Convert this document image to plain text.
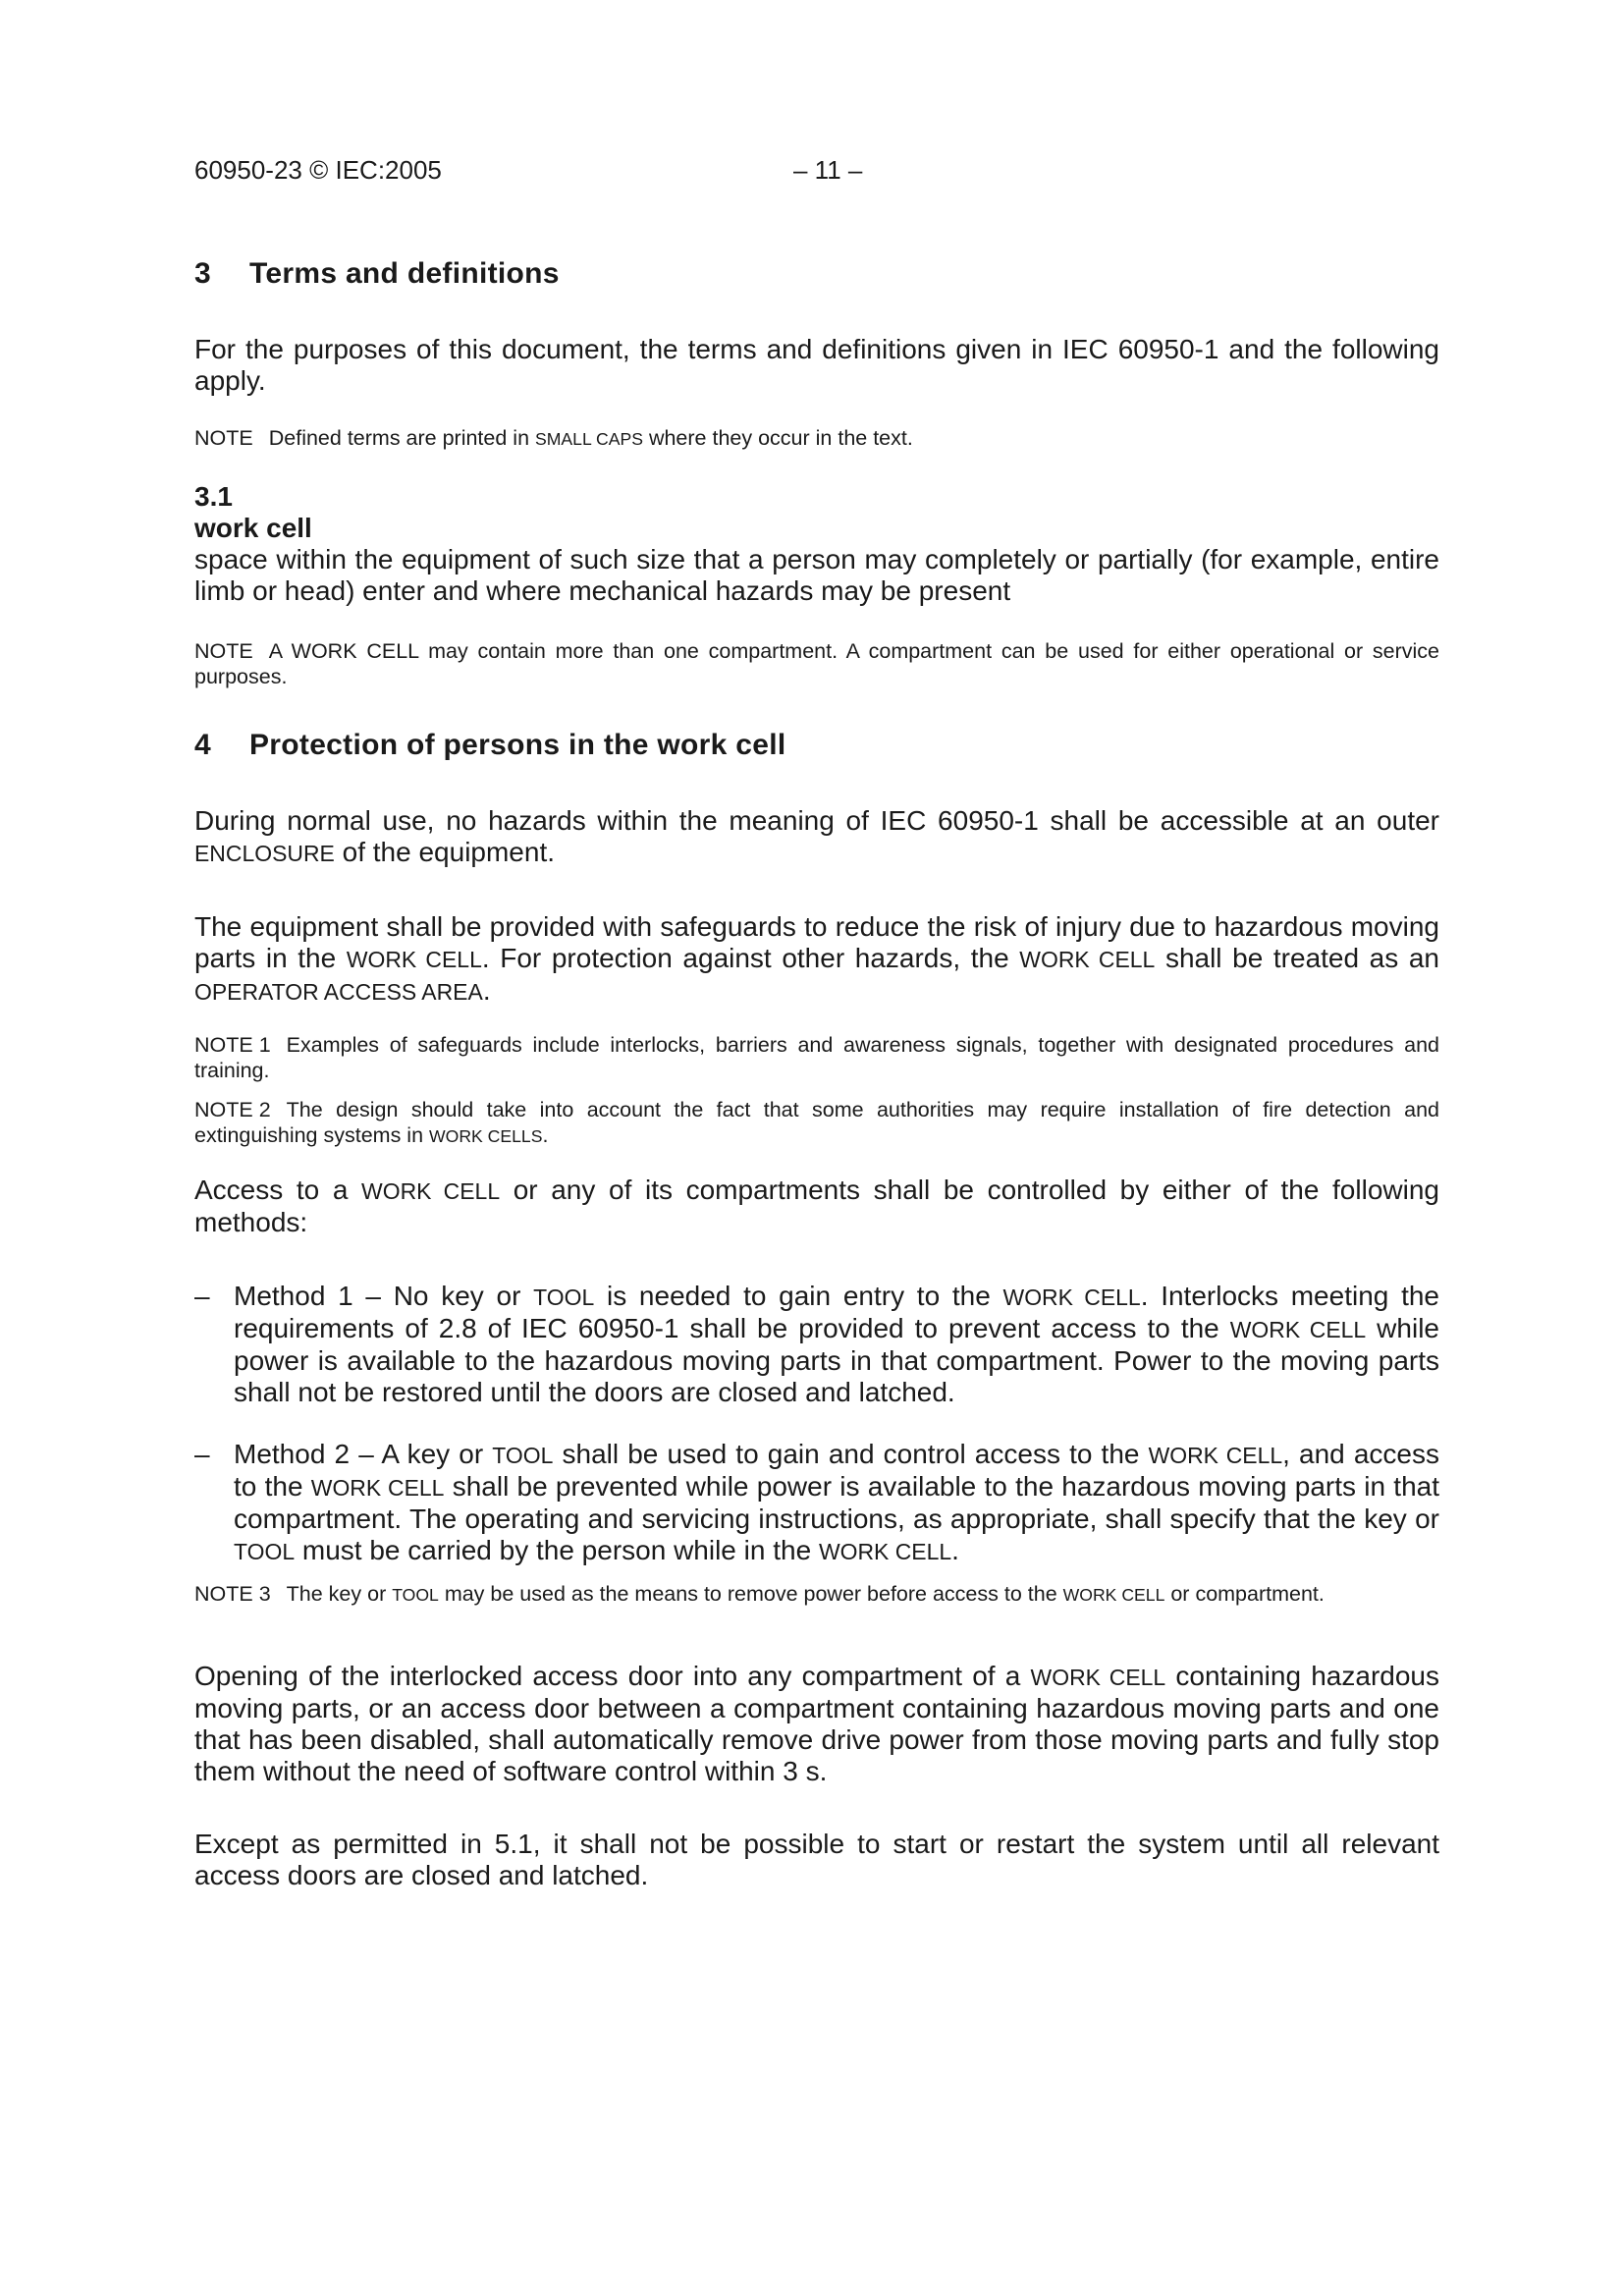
60950-23 © IEC:2005	– 11 –
3 Terms and definitions
For the purposes of this document, the terms and definitions given in IEC 60950-1 and the following apply.
NOTE Defined terms are printed in SMALL CAPS where they occur in the text.
3.1
work cell
space within the equipment of such size that a person may completely or partially (for example, entire limb or head) enter and where mechanical hazards may be present
NOTE A WORK CELL may contain more than one compartment. A compartment can be used for either operational or service purposes.
4 Protection of persons in the work cell
During normal use, no hazards within the meaning of IEC 60950-1 shall be accessible at an outer ENCLOSURE of the equipment.
The equipment shall be provided with safeguards to reduce the risk of injury due to hazardous moving parts in the WORK CELL. For protection against other hazards, the WORK CELL shall be treated as an OPERATOR ACCESS AREA.
NOTE 1 Examples of safeguards include interlocks, barriers and awareness signals, together with designated procedures and training.
NOTE 2 The design should take into account the fact that some authorities may require installation of fire detection and extinguishing systems in WORK CELLS.
Access to a WORK CELL or any of its compartments shall be controlled by either of the following methods:
– Method 1 – No key or TOOL is needed to gain entry to the WORK CELL. Interlocks meeting the requirements of 2.8 of IEC 60950-1 shall be provided to prevent access to the WORK CELL while power is available to the hazardous moving parts in that compartment. Power to the moving parts shall not be restored until the doors are closed and latched.
– Method 2 – A key or TOOL shall be used to gain and control access to the WORK CELL, and access to the WORK CELL shall be prevented while power is available to the hazardous moving parts in that compartment. The operating and servicing instructions, as appropriate, shall specify that the key or TOOL must be carried by the person while in the WORK CELL.
NOTE 3 The key or TOOL may be used as the means to remove power before access to the WORK CELL or compartment.
Opening of the interlocked access door into any compartment of a WORK CELL containing hazardous moving parts, or an access door between a compartment containing hazardous moving parts and one that has been disabled, shall automatically remove drive power from those moving parts and fully stop them without the need of software control within 3 s.
Except as permitted in 5.1, it shall not be possible to start or restart the system until all relevant access doors are closed and latched.
